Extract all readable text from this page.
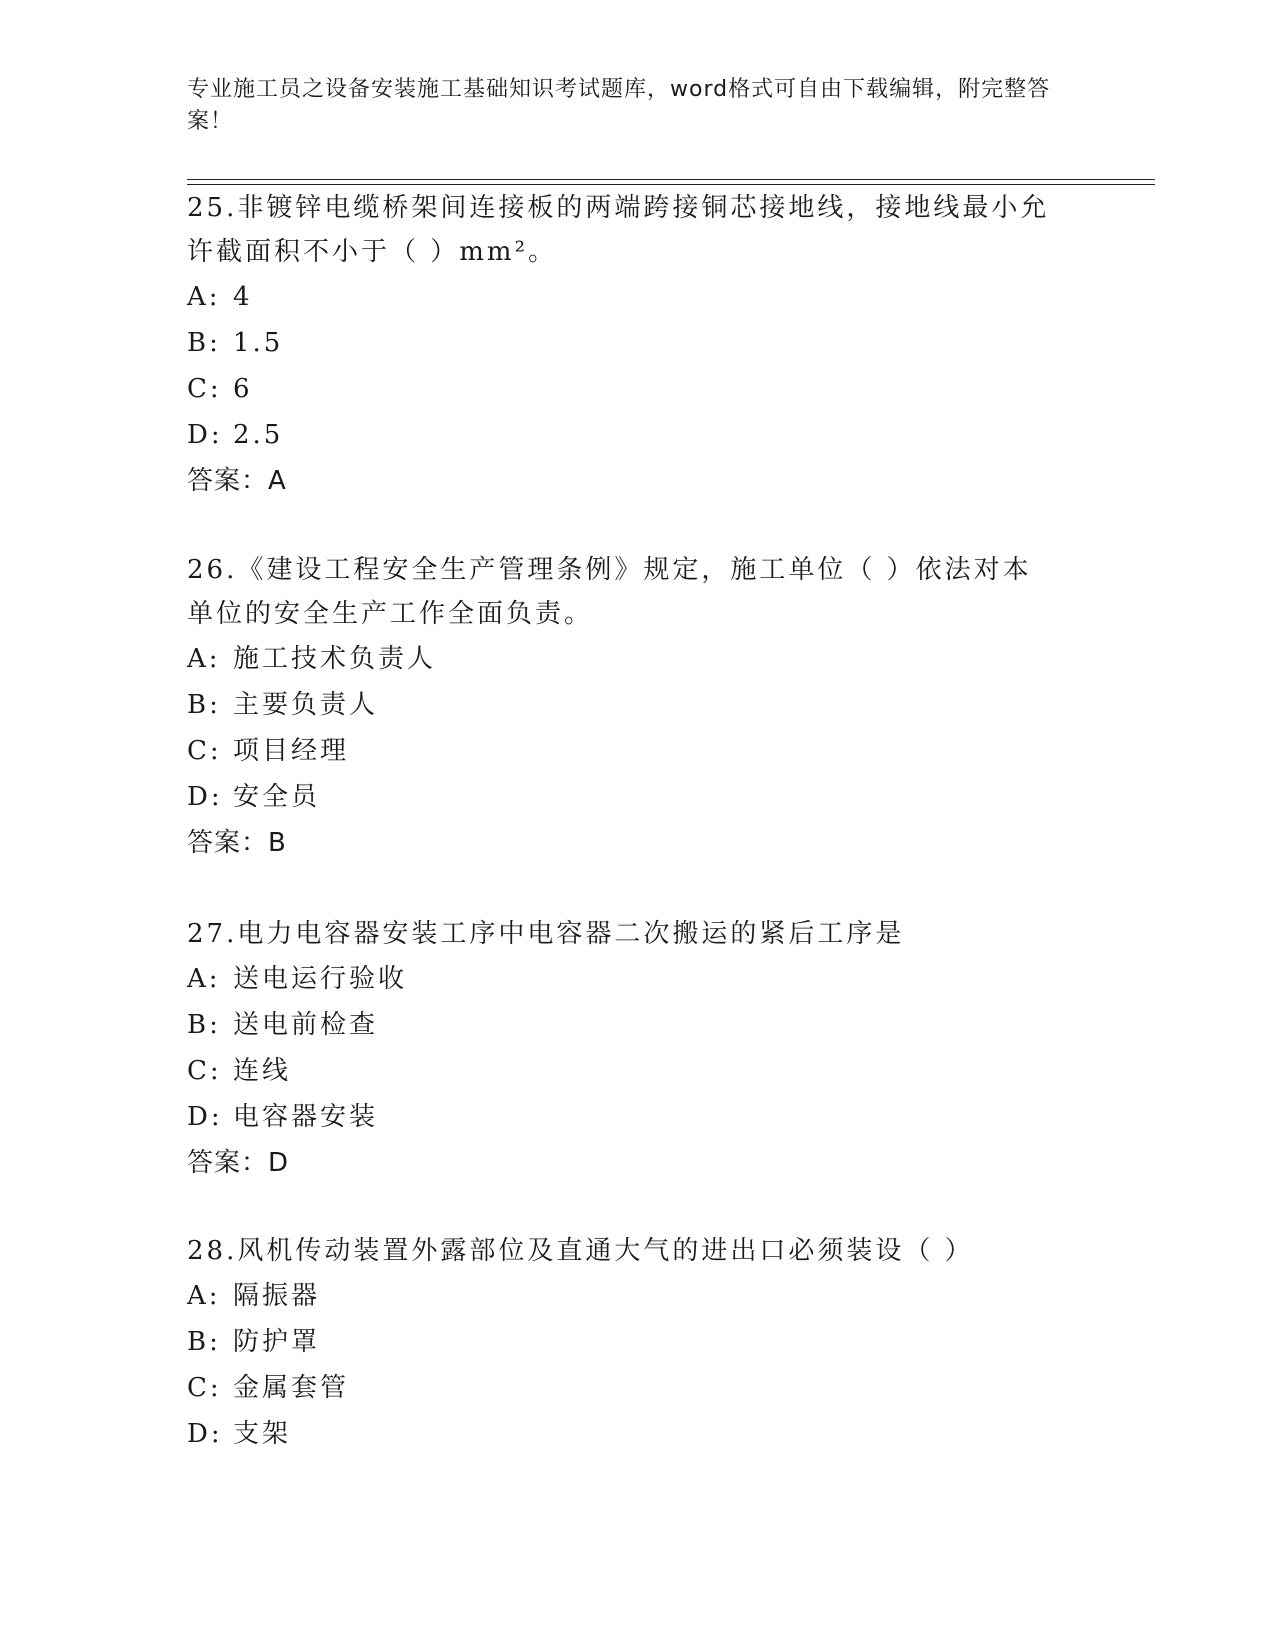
专业施工员之设备安装施工基础知识考试题库，word格式可自由下载编辑，附完整答案！

25.非镀锌电缆桥架间连接板的两端跨接铜芯接地线，接地线最小允许截面积不小于（ ）mm²。

A: 4
B: 1.5
C: 6
D: 2.5
答案：A

26.《建设工程安全生产管理条例》规定，施工单位（ ）依法对本单位的安全生产工作全面负责。

A: 施工技术负责人
B: 主要负责人
C: 项目经理
D: 安全员
答案：B

27.电力电容器安装工序中电容器二次搬运的紧后工序是

A: 送电运行验收
B: 送电前检查
C: 连线
D: 电容器安装
答案：D

28.风机传动装置外露部位及直通大气的进出口必须装设（ ）

A: 隔振器
B: 防护罩
C: 金属套管
D: 支架
